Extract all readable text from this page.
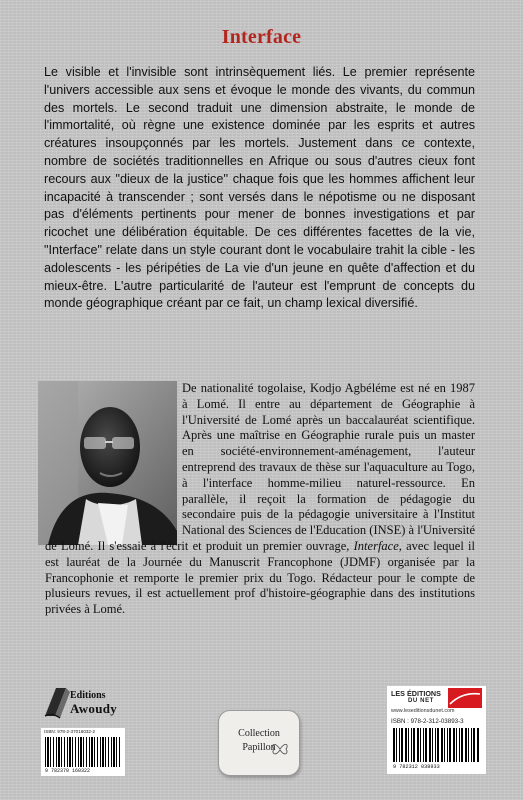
Interface

Le visible et l'invisible sont intrinsèquement liés. Le premier représente l'univers accessible aux sens et évoque le monde des vivants, du commun des mortels. Le second traduit une dimension abstraite, le monde de l'immortalité, où règne une existence dominée par les esprits et autres créatures insoupçonnés par les mortels. Justement dans ce contexte, nombre de sociétés traditionnelles en Afrique ou sous d'autres cieux font recours aux "dieux de la justice'' chaque fois que les hommes affichent leur incapacité à transcender ; sont versés dans le népotisme ou ne disposant pas d'éléments pertinents pour mener de bonnes investigations et par ricochet une délibération équitable. De ces différentes facettes de la vie, "Interface" relate dans un style courant dont le vocabulaire trahit la cible - les adolescents - les péripéties de La vie d'un jeune en quête d'affection et du mieux-être. L'autre particularité de l'auteur est l'emprunt de concepts du monde géographique créant par ce fait, un champ lexical diversifié.

De nationalité togolaise, Kodjo Agbéléme est né en 1987 à Lomé. Il entre au département de Géographie à l'Université de Lomé après un baccalauréat scientifique. Après une maîtrise en Géographie rurale puis un master en société-environnement-aménagement, l'auteur entreprend des travaux de thèse sur l'aquaculture au Togo, à l'interface homme-milieu naturel-ressource. En parallèle, il reçoit la formation de pédagogie du secondaire puis de la pédagogie universitaire à l'Institut National des Sciences de l'Education (INSE) à l'Université de Lomé. Il s'essaie à l'écrit et produit un premier ouvrage, Interface, avec lequel il est lauréat de la Journée du Manuscrit Francophone (JDMF) organisée par la Francophonie et remporte le premier prix du Togo. Rédacteur pour le compte de plusieurs revues, il est actuellement prof d'histoire-géographie dans des institutions privées à Lomé.

Editions
Awoudy
ISBN: 978-2-37016032-2
9 782370 160322
Collection
Papillon
LES ÉDITIONS
DU NET
www.leseditionsdunet.com
ISBN : 978-2-312-03893-3
9 782312 038933
